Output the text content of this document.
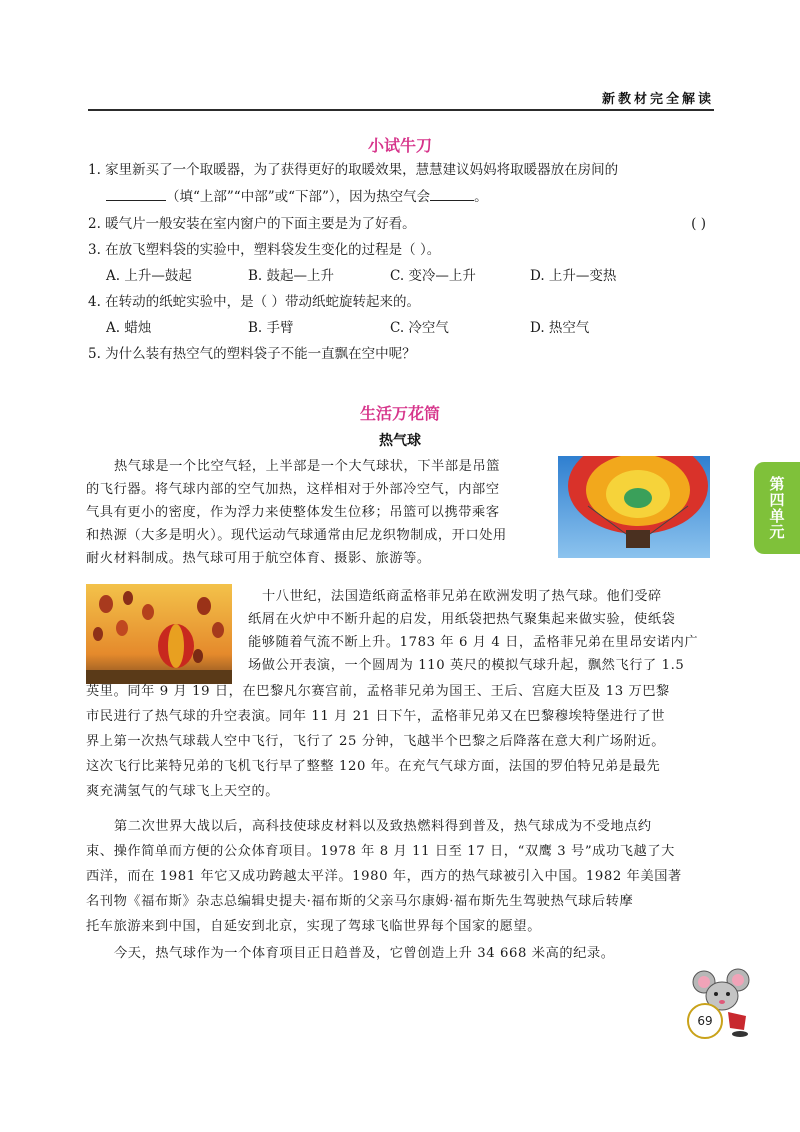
新教材完全解读
小试牛刀
1. 家里新买了一个取暖器，为了获得更好的取暖效果，慧慧建议妈妈将取暖器放在房间的
（填“上部”“中部”或“下部”），因为热空气会	。
2. 暖气片一般安装在室内窗户的下面主要是为了好看。	( )
3. 在放飞塑料袋的实验中，塑料袋发生变化的过程是（ ）。
A. 上升—鼓起	B. 鼓起—上升	C. 变冷—上升	D. 上升—变热
4. 在转动的纸蛇实验中，是（ ）带动纸蛇旋转起来的。
A. 蜡烛	B. 手臂	C. 冷空气	D. 热空气
5. 为什么装有热空气的塑料袋子不能一直飘在空中呢？
生活万花筒
热气球
热气球是一个比空气轻，上半部是一个大气球状，下半部是吊篮
的飞行器。将气球内部的空气加热，这样相对于外部冷空气，内部空
气具有更小的密度，作为浮力来使整体发生位移；吊篮可以携带乘客
和热源（大多是明火）。现代运动气球通常由尼龙织物制成，开口处用
耐火材料制成。热气球可用于航空体育、摄影、旅游等。
十八世纪，法国造纸商孟格菲兄弟在欧洲发明了热气球。他们受碎
纸屑在火炉中不断升起的启发，用纸袋把热气聚集起来做实验，使纸袋
能够随着气流不断上升。1783 年 6 月 4 日，孟格菲兄弟在里昂安诺内广
场做公开表演，一个圆周为 110 英尺的模拟气球升起，飘然飞行了 1.5
英里。同年 9 月 19 日，在巴黎凡尔赛宫前，孟格菲兄弟为国王、王后、宫庭大臣及 13 万巴黎
市民进行了热气球的升空表演。同年 11 月 21 日下午，孟格菲兄弟又在巴黎穆埃特堡进行了世
界上第一次热气球载人空中飞行，飞行了 25 分钟，飞越半个巴黎之后降落在意大利广场附近。
这次飞行比莱特兄弟的飞机飞行早了整整 120 年。在充气气球方面，法国的罗伯特兄弟是最先
爽充满氢气的气球飞上天空的。
第二次世界大战以后，高科技使球皮材料以及致热燃料得到普及，热气球成为不受地点约
束、操作简单而方便的公众体育项目。1978 年 8 月 11 日至 17 日，“双鹰 3 号”成功飞越了大
西洋，而在 1981 年它又成功跨越太平洋。1980 年，西方的热气球被引入中国。1982 年美国著
名刊物《福布斯》杂志总编辑史提夫·福布斯的父亲马尔康姆·福布斯先生驾驶热气球后转摩
托车旅游来到中国，自延安到北京，实现了驾球飞临世界每个国家的愿望。
今天，热气球作为一个体育项目正日趋普及，它曾创造上升 34 668 米高的纪录。
第四单元
69
